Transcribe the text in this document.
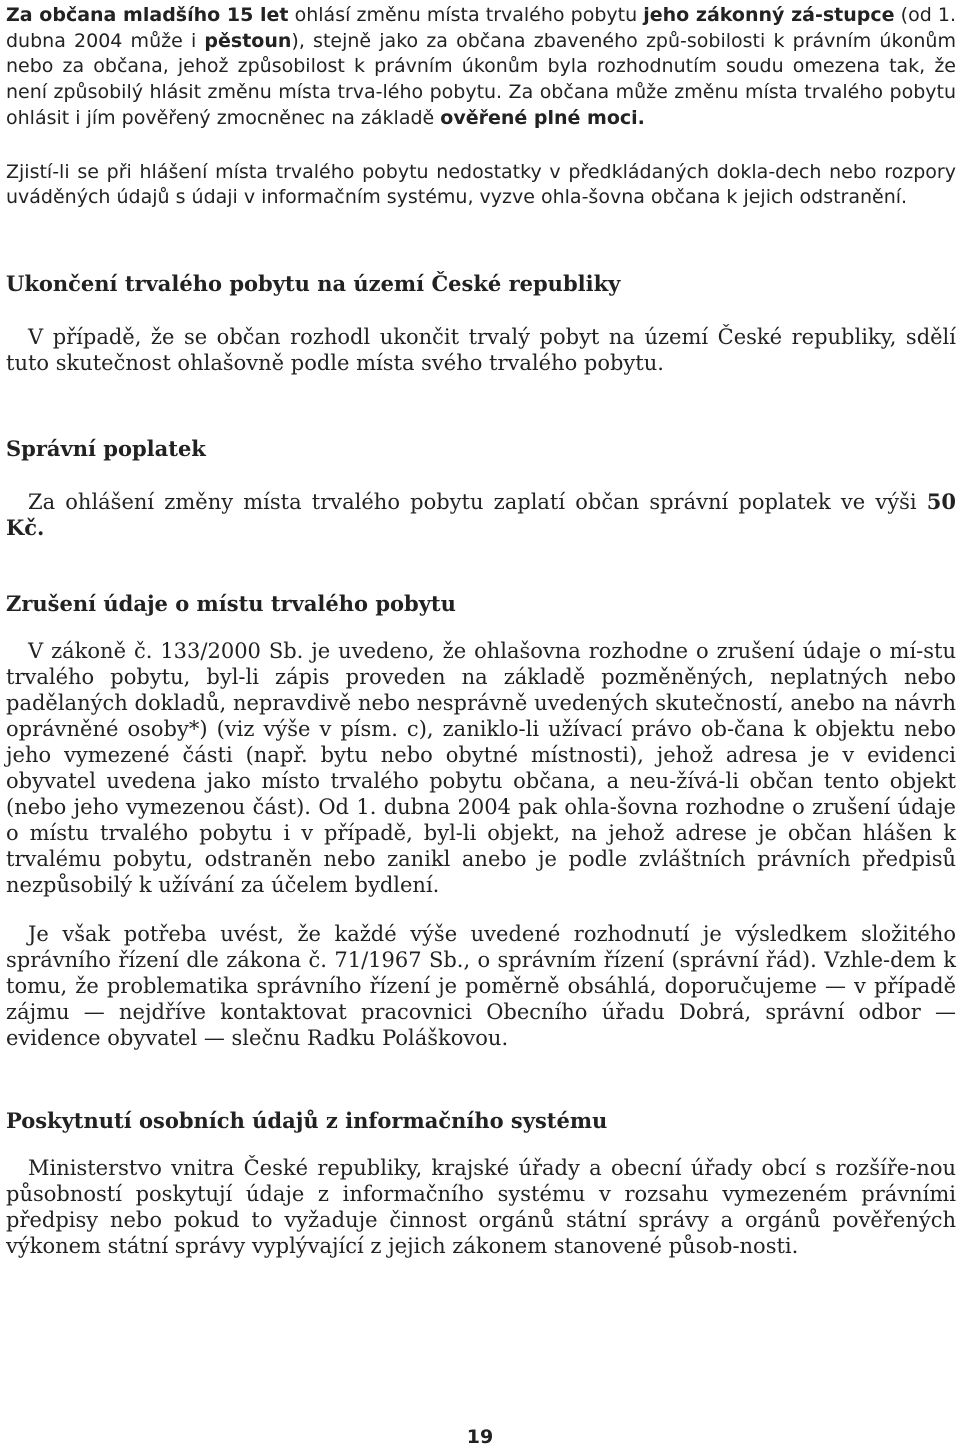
Za občana mladšího 15 let ohlásí změnu místa trvalého pobytu jeho zákonný zá-stupce (od 1. dubna 2004 může i pěstoun), stejně jako za občana zbaveného způ-sobilosti k právním úkonům nebo za občana, jehož způsobilost k právním úkonům byla rozhodnutím soudu omezena tak, že není způsobilý hlásit změnu místa trva-lého pobytu. Za občana může změnu místa trvalého pobytu ohlásit i jím pověřený zmocněnec na základě ověřené plné moci.

Zjistí-li se při hlášení místa trvalého pobytu nedostatky v předkládaných dokla-dech nebo rozpory uváděných údajů s údaji v informačním systému, vyzve ohla-šovna občana k jejich odstranění.

Ukončení trvalého pobytu na území České republiky

V případě, že se občan rozhodl ukončit trvalý pobyt na území České republiky, sdělí tuto skutečnost ohlašovně podle místa svého trvalého pobytu.

Správní poplatek

Za ohlášení změny místa trvalého pobytu zaplatí občan správní poplatek ve výši 50 Kč.

Zrušení údaje o místu trvalého pobytu

V zákoně č. 133/2000 Sb. je uvedeno, že ohlašovna rozhodne o zrušení údaje o mí-stu trvalého pobytu, byl-li zápis proveden na základě pozměněných, neplatných nebo padělaných dokladů, nepravdivě nebo nesprávně uvedených skutečností, anebo na návrh oprávněné osoby*) (viz výše v písm. c), zaniklo-li užívací právo ob-čana k objektu nebo jeho vymezené části (např. bytu nebo obytné místnosti), jehož adresa je v evidenci obyvatel uvedena jako místo trvalého pobytu občana, a neu-žívá-li občan tento objekt (nebo jeho vymezenou část). Od 1. dubna 2004 pak ohla-šovna rozhodne o zrušení údaje o místu trvalého pobytu i v případě, byl-li objekt, na jehož adrese je občan hlášen k trvalému pobytu, odstraněn nebo zanikl anebo je podle zvláštních právních předpisů nezpůsobilý k užívání za účelem bydlení.

Je však potřeba uvést, že každé výše uvedené rozhodnutí je výsledkem složitého správního řízení dle zákona č. 71/1967 Sb., o správním řízení (správní řád). Vzhle-dem k tomu, že problematika správního řízení je poměrně obsáhlá, doporučujeme — v případě zájmu — nejdříve kontaktovat pracovnici Obecního úřadu Dobrá, správní odbor — evidence obyvatel — slečnu Radku Poláškovou.

Poskytnutí osobních údajů z informačního systému

Ministerstvo vnitra České republiky, krajské úřady a obecní úřady obcí s rozšíře-nou působností poskytují údaje z informačního systému v rozsahu vymezeném právními předpisy nebo pokud to vyžaduje činnost orgánů státní správy a orgánů pověřených výkonem státní správy vyplývající z jejich zákonem stanovené působ-nosti.

19
